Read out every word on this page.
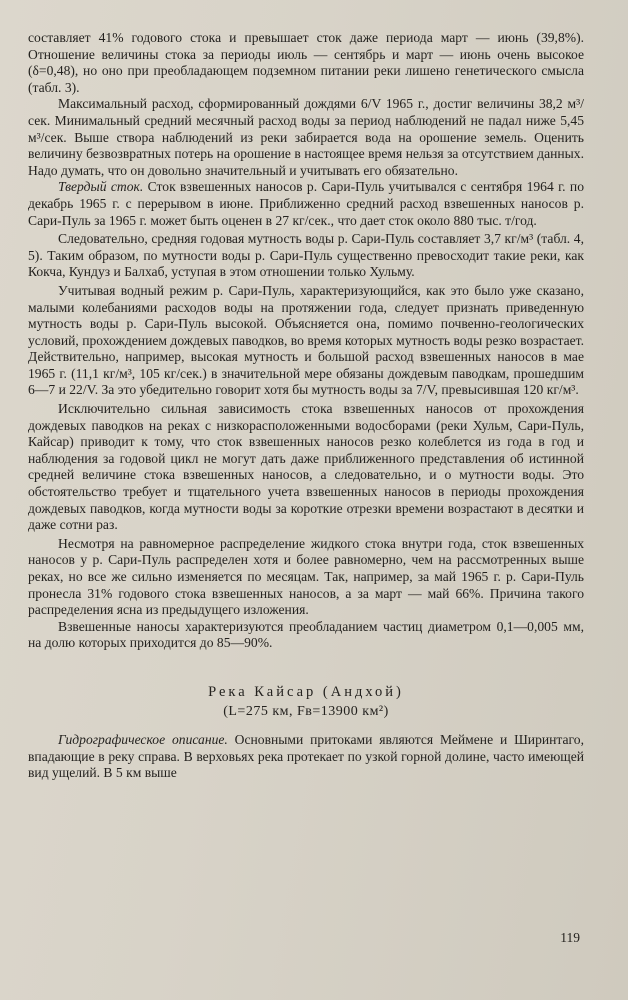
составляет 41% годового стока и превышает сток даже периода март — июнь (39,8%). Отношение величины стока за периоды июль — сентябрь и март — июнь очень высокое (δ=0,48), но оно при преобладающем подземном питании реки лишено генетического смысла (табл. 3).

Максимальный расход, сформированный дождями 6/V 1965 г., достиг величины 38,2 м³/сек. Минимальный средний месячный расход воды за период наблюдений не падал ниже 5,45 м³/сек. Выше створа наблюдений из реки забирается вода на орошение земель. Оценить величину безвозвратных потерь на орошение в настоящее время нельзя за отсутствием данных. Надо думать, что он довольно значительный и учитывать его обязательно.

Твердый сток. Сток взвешенных наносов р. Сари-Пуль учитывался с сентября 1964 г. по декабрь 1965 г. с перерывом в июне. Приближенно средний расход взвешенных наносов р. Сари-Пуль за 1965 г. может быть оценен в 27 кг/сек., что дает сток около 880 тыс. т/год.

Следовательно, средняя годовая мутность воды р. Сари-Пуль составляет 3,7 кг/м³ (табл. 4, 5). Таким образом, по мутности воды р. Сари-Пуль существенно превосходит такие реки, как Кокча, Кундуз и Балхаб, уступая в этом отношении только Хульму.

Учитывая водный режим р. Сари-Пуль, характеризующийся, как это было уже сказано, малыми колебаниями расходов воды на протяжении года, следует признать приведенную мутность воды р. Сари-Пуль высокой. Объясняется она, помимо почвенно-геологических условий, прохождением дождевых паводков, во время которых мутность воды резко возрастает. Действительно, например, высокая мутность и большой расход взвешенных наносов в мае 1965 г. (11,1 кг/м³, 105 кг/сек.) в значительной мере обязаны дождевым паводкам, прошедшим 6—7 и 22/V. За это убедительно говорит хотя бы мутность воды за 7/V, превысившая 120 кг/м³.

Исключительно сильная зависимость стока взвешенных наносов от прохождения дождевых паводков на реках с низкорасположенными водосборами (реки Хульм, Сари-Пуль, Кайсар) приводит к тому, что сток взвешенных наносов резко колеблется из года в год и наблюдения за годовой цикл не могут дать даже приближенного представления об истинной средней величине стока взвешенных наносов, а следовательно, и о мутности воды. Это обстоятельство требует и тщательного учета взвешенных наносов в периоды прохождения дождевых паводков, когда мутности воды за короткие отрезки времени возрастают в десятки и даже сотни раз.

Несмотря на равномерное распределение жидкого стока внутри года, сток взвешенных наносов у р. Сари-Пуль распределен хотя и более равномерно, чем на рассмотренных выше реках, но все же сильно изменяется по месяцам. Так, например, за май 1965 г. р. Сари-Пуль пронесла 31% годового стока взвешенных наносов, а за март — май 66%. Причина такого распределения ясна из предыдущего изложения.

Взвешенные наносы характеризуются преобладанием частиц диаметром 0,1—0,005 мм, на долю которых приходится до 85—90%.

Река Кайсар (Андхой)
(L=275 км, Fв=13900 км²)

Гидрографическое описание. Основными притоками являются Мейменe и Ширинтаго, впадающие в реку справа. В верховьях река протекает по узкой горной долине, часто имеющей вид ущелий. В 5 км выше

119
